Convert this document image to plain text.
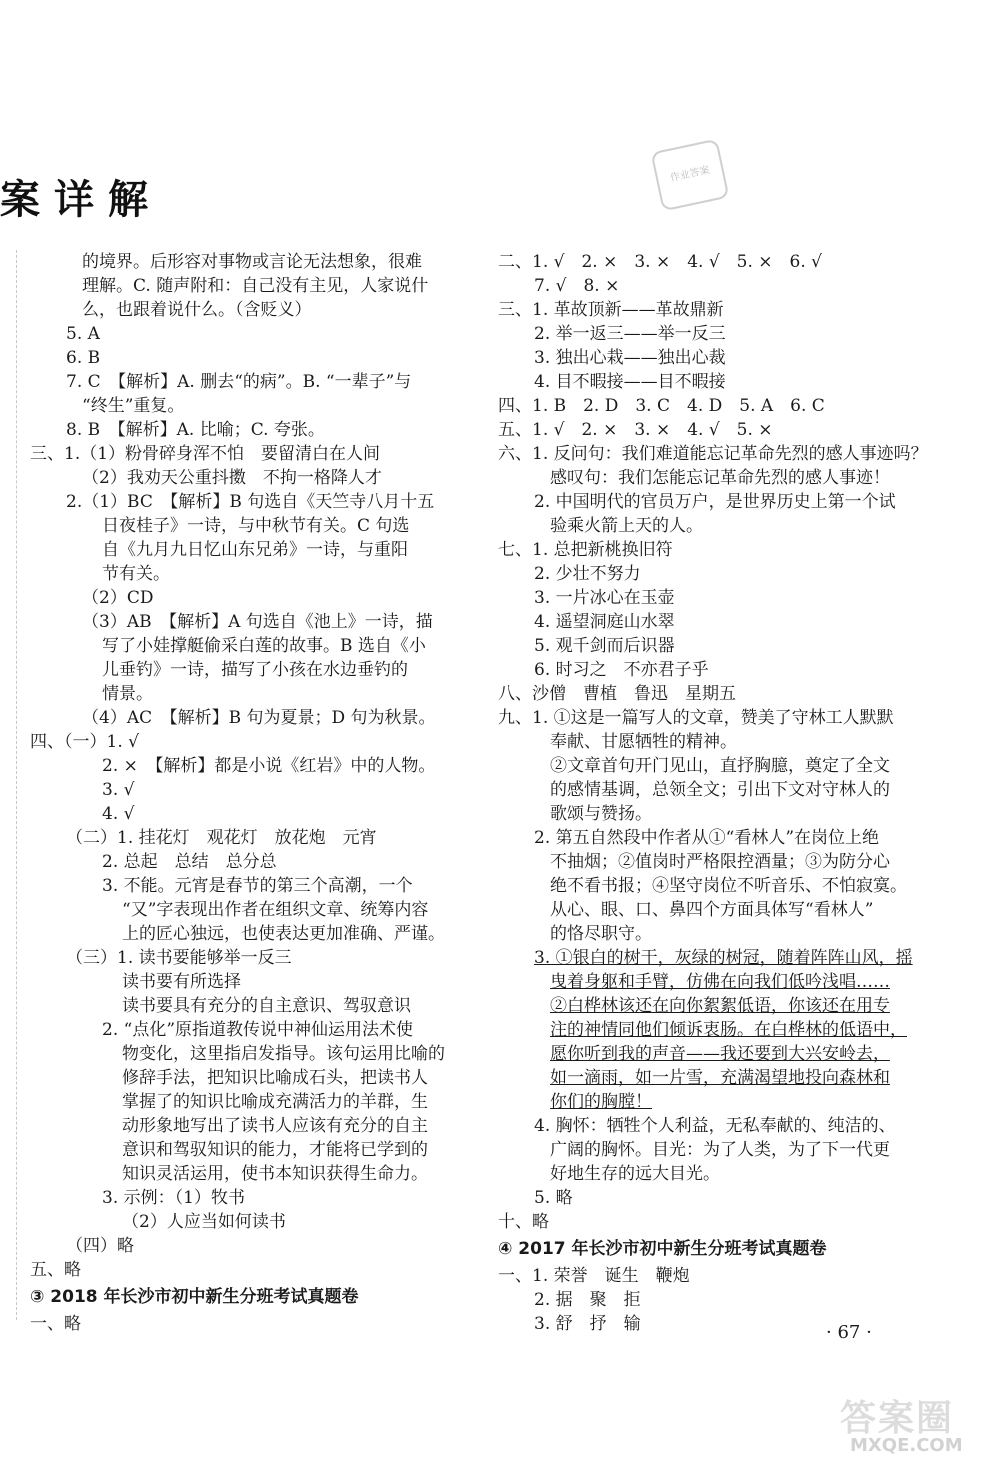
案详解
作业答案
的境界。后形容对事物或言论无法想象，很难
理解。C. 随声附和：自己没有主见，人家说什
么，也跟着说什么。（含贬义）
5. A
6. B
7. C　【解析】A. 删去“的病”。B. “一辈子”与
“终生”重复。
8. B　【解析】A. 比喻；C. 夸张。
三、1.（1）粉骨碎身浑不怕　要留清白在人间
（2）我劝天公重抖擞　不拘一格降人才
2.（1）BC　【解析】B 句选自《天竺寺八月十五
日夜桂子》一诗，与中秋节有关。C 句选
自《九月九日忆山东兄弟》一诗，与重阳
节有关。
（2）CD
（3）AB　【解析】A 句选自《池上》一诗，描
写了小娃撑艇偷采白莲的故事。B 选自《小
儿垂钓》一诗，描写了小孩在水边垂钓的
情景。
（4）AC　【解析】B 句为夏景；D 句为秋景。
四、（一）1. √
2. ×　【解析】都是小说《红岩》中的人物。
3. √
4. √
（二）1. 挂花灯　观花灯　放花炮　元宵
2. 总起　总结　总分总
3. 不能。元宵是春节的第三个高潮，一个
“又”字表现出作者在组织文章、统筹内容
上的匠心独远，也使表达更加准确、严谨。
（三）1. 读书要能够举一反三
读书要有所选择
读书要具有充分的自主意识、驾驭意识
2. “点化”原指道教传说中神仙运用法术使
物变化，这里指启发指导。该句运用比喻的
修辞手法，把知识比喻成石头，把读书人
掌握了的知识比喻成充满活力的羊群，生
动形象地写出了读书人应该有充分的自主
意识和驾驭知识的能力，才能将已学到的
知识灵活运用，使书本知识获得生命力。
3. 示例：（1）牧书
（2）人应当如何读书
（四）略
五、略
③ 2018 年长沙市初中新生分班考试真题卷
一、略
二、1. √　2. ×　3. ×　4. √　5. ×　6. √
7. √　8. ×
三、1. 革故顶新——革故鼎新
2. 举一返三——举一反三
3. 独出心栽——独出心裁
4. 目不暇接——目不暇接
四、1. B　2. D　3. C　4. D　5. A　6. C
五、1. √　2. ×　3. ×　4. √　5. ×
六、1. 反问句：我们难道能忘记革命先烈的感人事迹吗？
感叹句：我们怎能忘记革命先烈的感人事迹！
2. 中国明代的官员万户，是世界历史上第一个试
验乘火箭上天的人。
七、1. 总把新桃换旧符
2. 少壮不努力
3. 一片冰心在玉壶
4. 遥望洞庭山水翠
5. 观千剑而后识器
6. 时习之　不亦君子乎
八、沙僧　曹植　鲁迅　星期五
九、1. ①这是一篇写人的文章，赞美了守林工人默默
奉献、甘愿牺牲的精神。
②文章首句开门见山，直抒胸臆，奠定了全文
的感情基调，总领全文；引出下文对守林人的
歌颂与赞扬。
2. 第五自然段中作者从①“看林人”在岗位上绝
不抽烟；②值岗时严格限控酒量；③为防分心
绝不看书报；④坚守岗位不听音乐、不怕寂寞。
从心、眼、口、鼻四个方面具体写“看林人”
的恪尽职守。
3. ①银白的树干，灰绿的树冠，随着阵阵山风，摇
曳着身躯和手臂，仿佛在向我们低吟浅唱……
②白桦林该还在向你絮絮低语，你该还在用专
注的神情同他们倾诉衷肠。在白桦林的低语中，
愿你听到我的声音——我还要到大兴安岭去，
如一滴雨，如一片雪，充满渴望地投向森林和
你们的胸膛！
4. 胸怀：牺牲个人利益，无私奉献的、纯洁的、
广阔的胸怀。目光：为了人类，为了下一代更
好地生存的远大目光。
5. 略
十、略
④ 2017 年长沙市初中新生分班考试真题卷
一、1. 荣誉　诞生　鞭炮
2. 据　聚　拒
3. 舒　抒　输	· 67 ·
答案圈
MXQE.COM
